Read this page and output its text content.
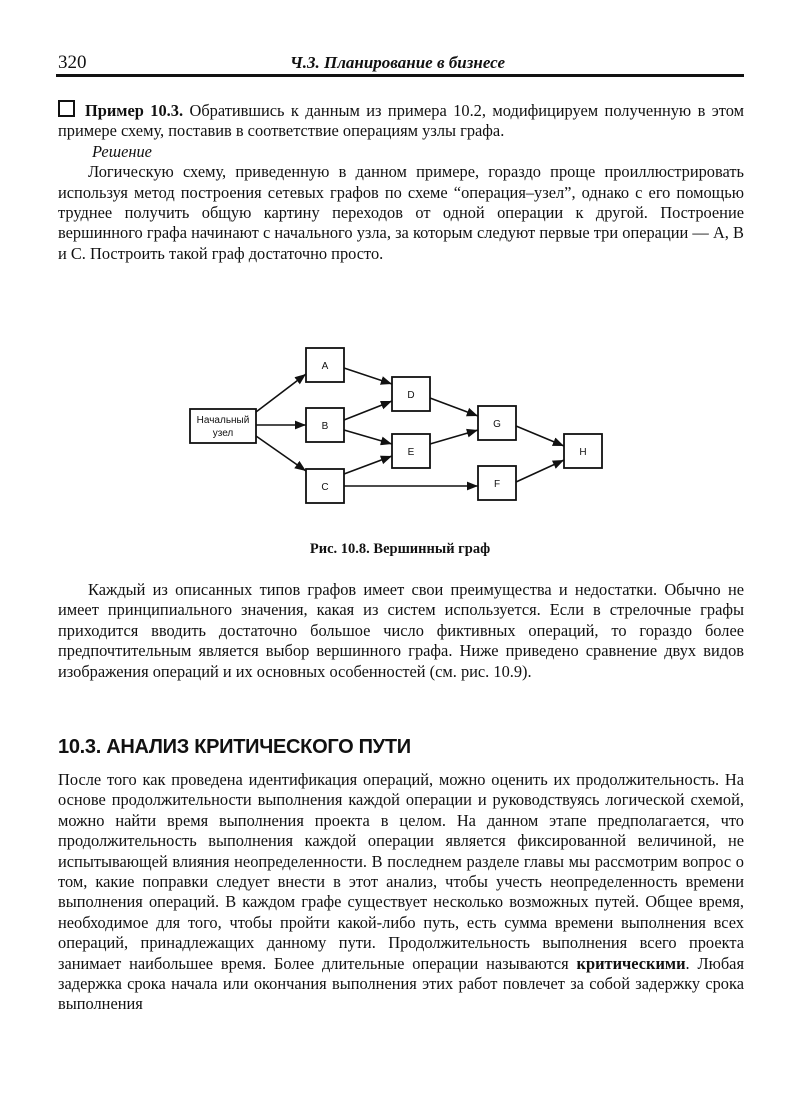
320	Ч.3. Планирование в бизнесе

Пример 10.3. Обратившись к данным из примера 10.2, модифицируем полученную в этом примере схему, поставив в соответствие операциям узлы графа.

Решение

Логическую схему, приведенную в данном примере, гораздо проще проиллюстрировать используя метод построения сетевых графов по схеме “операция–узел”, однако с его помощью труднее получить общую картину переходов от одной операции к другой. Построение вершинного графа начинают с начального узла, за которым следуют первые три операции — A, B и C. Построить такой граф достаточно просто.

Начальный
узел
A
B
C
D
E
G
F
H
Рис. 10.8. Вершинный граф

Каждый из описанных типов графов имеет свои преимущества и недостатки. Обычно не имеет принципиального значения, какая из систем используется. Если в стрелочные графы приходится вводить достаточно большое число фиктивных операций, то гораздо более предпочтительным является выбор вершинного графа. Ниже приведено сравнение двух видов изображения операций и их основных особенностей (см. рис. 10.9).

10.3. АНАЛИЗ КРИТИЧЕСКОГО ПУТИ

После того как проведена идентификация операций, можно оценить их продолжительность. На основе продолжительности выполнения каждой операции и руководствуясь логической схемой, можно найти время выполнения проекта в целом. На данном этапе предполагается, что продолжительность выполнения каждой операции является фиксированной величиной, не испытывающей влияния неопределенности. В последнем разделе главы мы рассмотрим вопрос о том, какие поправки следует внести в этот анализ, чтобы учесть неопределенность времени выполнения операций. В каждом графе существует несколько возможных путей. Общее время, необходимое для того, чтобы пройти какой-либо путь, есть сумма времени выполнения всех операций, принадлежащих данному пути. Продолжительность выполнения всего проекта занимает наибольшее время. Более длительные операции называются критическими. Любая задержка срока начала или окончания выполнения этих работ повлечет за собой задержку срока выполнения
